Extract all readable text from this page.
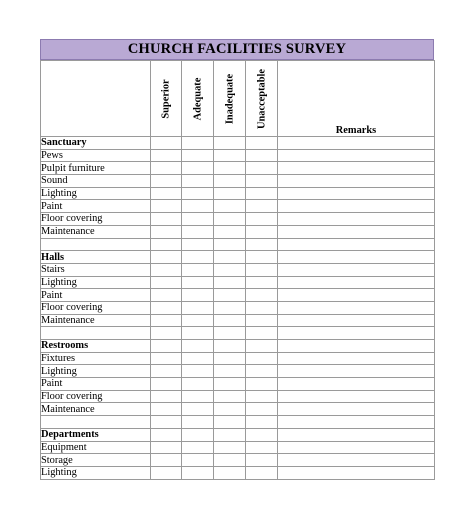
CHURCH FACILITIES SURVEY

	Superior	Adequate	Inadequate	Unacceptable	Remarks
Sanctuary					
Pews					
Pulpit furniture					
Sound					
Lighting					
Paint					
Floor covering					
Maintenance					

Halls					
Stairs					
Lighting					
Paint					
Floor covering					
Maintenance					

Restrooms					
Fixtures					
Lighting					
Paint					
Floor covering					
Maintenance					

Departments					
Equipment					
Storage					
Lighting					
